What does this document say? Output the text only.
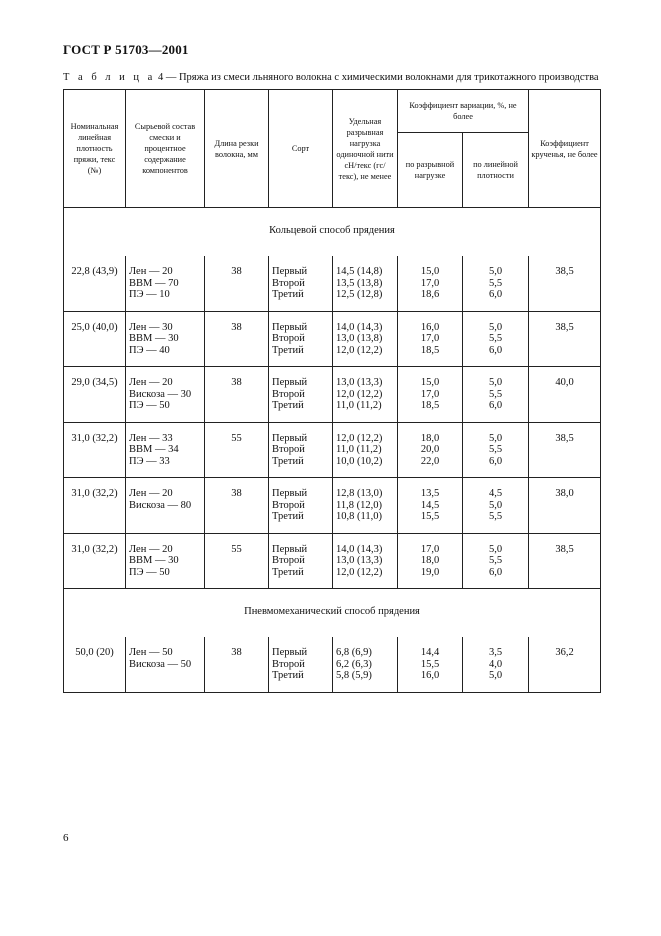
ГОСТ Р 51703—2001
Т а б л и ц а 4 — Пряжа из смеси льняного волокна с химическими волокнами для трикотажного производства
Номинальная линейная плотность пряжи, текс (№)	Сырьевой состав смески и процентное содержание компонентов	Длина резки волокна, мм	Сорт	Удельная разрывная нагрузка одиночной нити сН/текс (гс/текс), не менее	Коэффициент вариации, %, не более		Коэффициент крученья, не более
					по разрывной нагрузке	по линейной плотности	
Кольцевой способ прядения							

22,8 (43,9)	Лен — 20
ВВМ — 70
ПЭ — 10	38	Первый
Второй
Третий	14,5 (14,8)
13,5 (13,8)
12,5 (12,8)	15,0
17,0
18,6	5,0
5,5
6,0	38,5

25,0 (40,0)	Лен — 30
ВВМ — 30
ПЭ — 40	38	Первый
Второй
Третий	14,0 (14,3)
13,0 (13,8)
12,0 (12,2)	16,0
17,0
18,5	5,0
5,5
6,0	38,5

29,0 (34,5)	Лен — 20
Вискоза — 30
ПЭ — 50	38	Первый
Второй
Третий	13,0 (13,3)
12,0 (12,2)
11,0 (11,2)	15,0
17,0
18,5	5,0
5,5
6,0	40,0

31,0 (32,2)	Лен — 33
ВВМ — 34
ПЭ — 33	55	Первый
Второй
Третий	12,0 (12,2)
11,0 (11,2)
10,0 (10,2)	18,0
20,0
22,0	5,0
5,5
6,0	38,5

31,0 (32,2)	Лен — 20
Вискоза — 80	38	Первый
Второй
Третий	12,8 (13,0)
11,8 (12,0)
10,8 (11,0)	13,5
14,5
15,5	4,5
5,0
5,5	38,0

31,0 (32,2)	Лен — 20
ВВМ — 30
ПЭ — 50	55	Первый
Второй
Третий	14,0 (14,3)
13,0 (13,3)
12,0 (12,2)	17,0
18,0
19,0	5,0
5,5
6,0	38,5

Пневмомеханический способ прядения							

50,0 (20)	Лен — 50
Вискоза — 50	38	Первый
Второй
Третий	6,8 (6,9)
6,2 (6,3)
5,8 (5,9)	14,4
15,5
16,0	3,5
4,0
5,0	36,2
6
